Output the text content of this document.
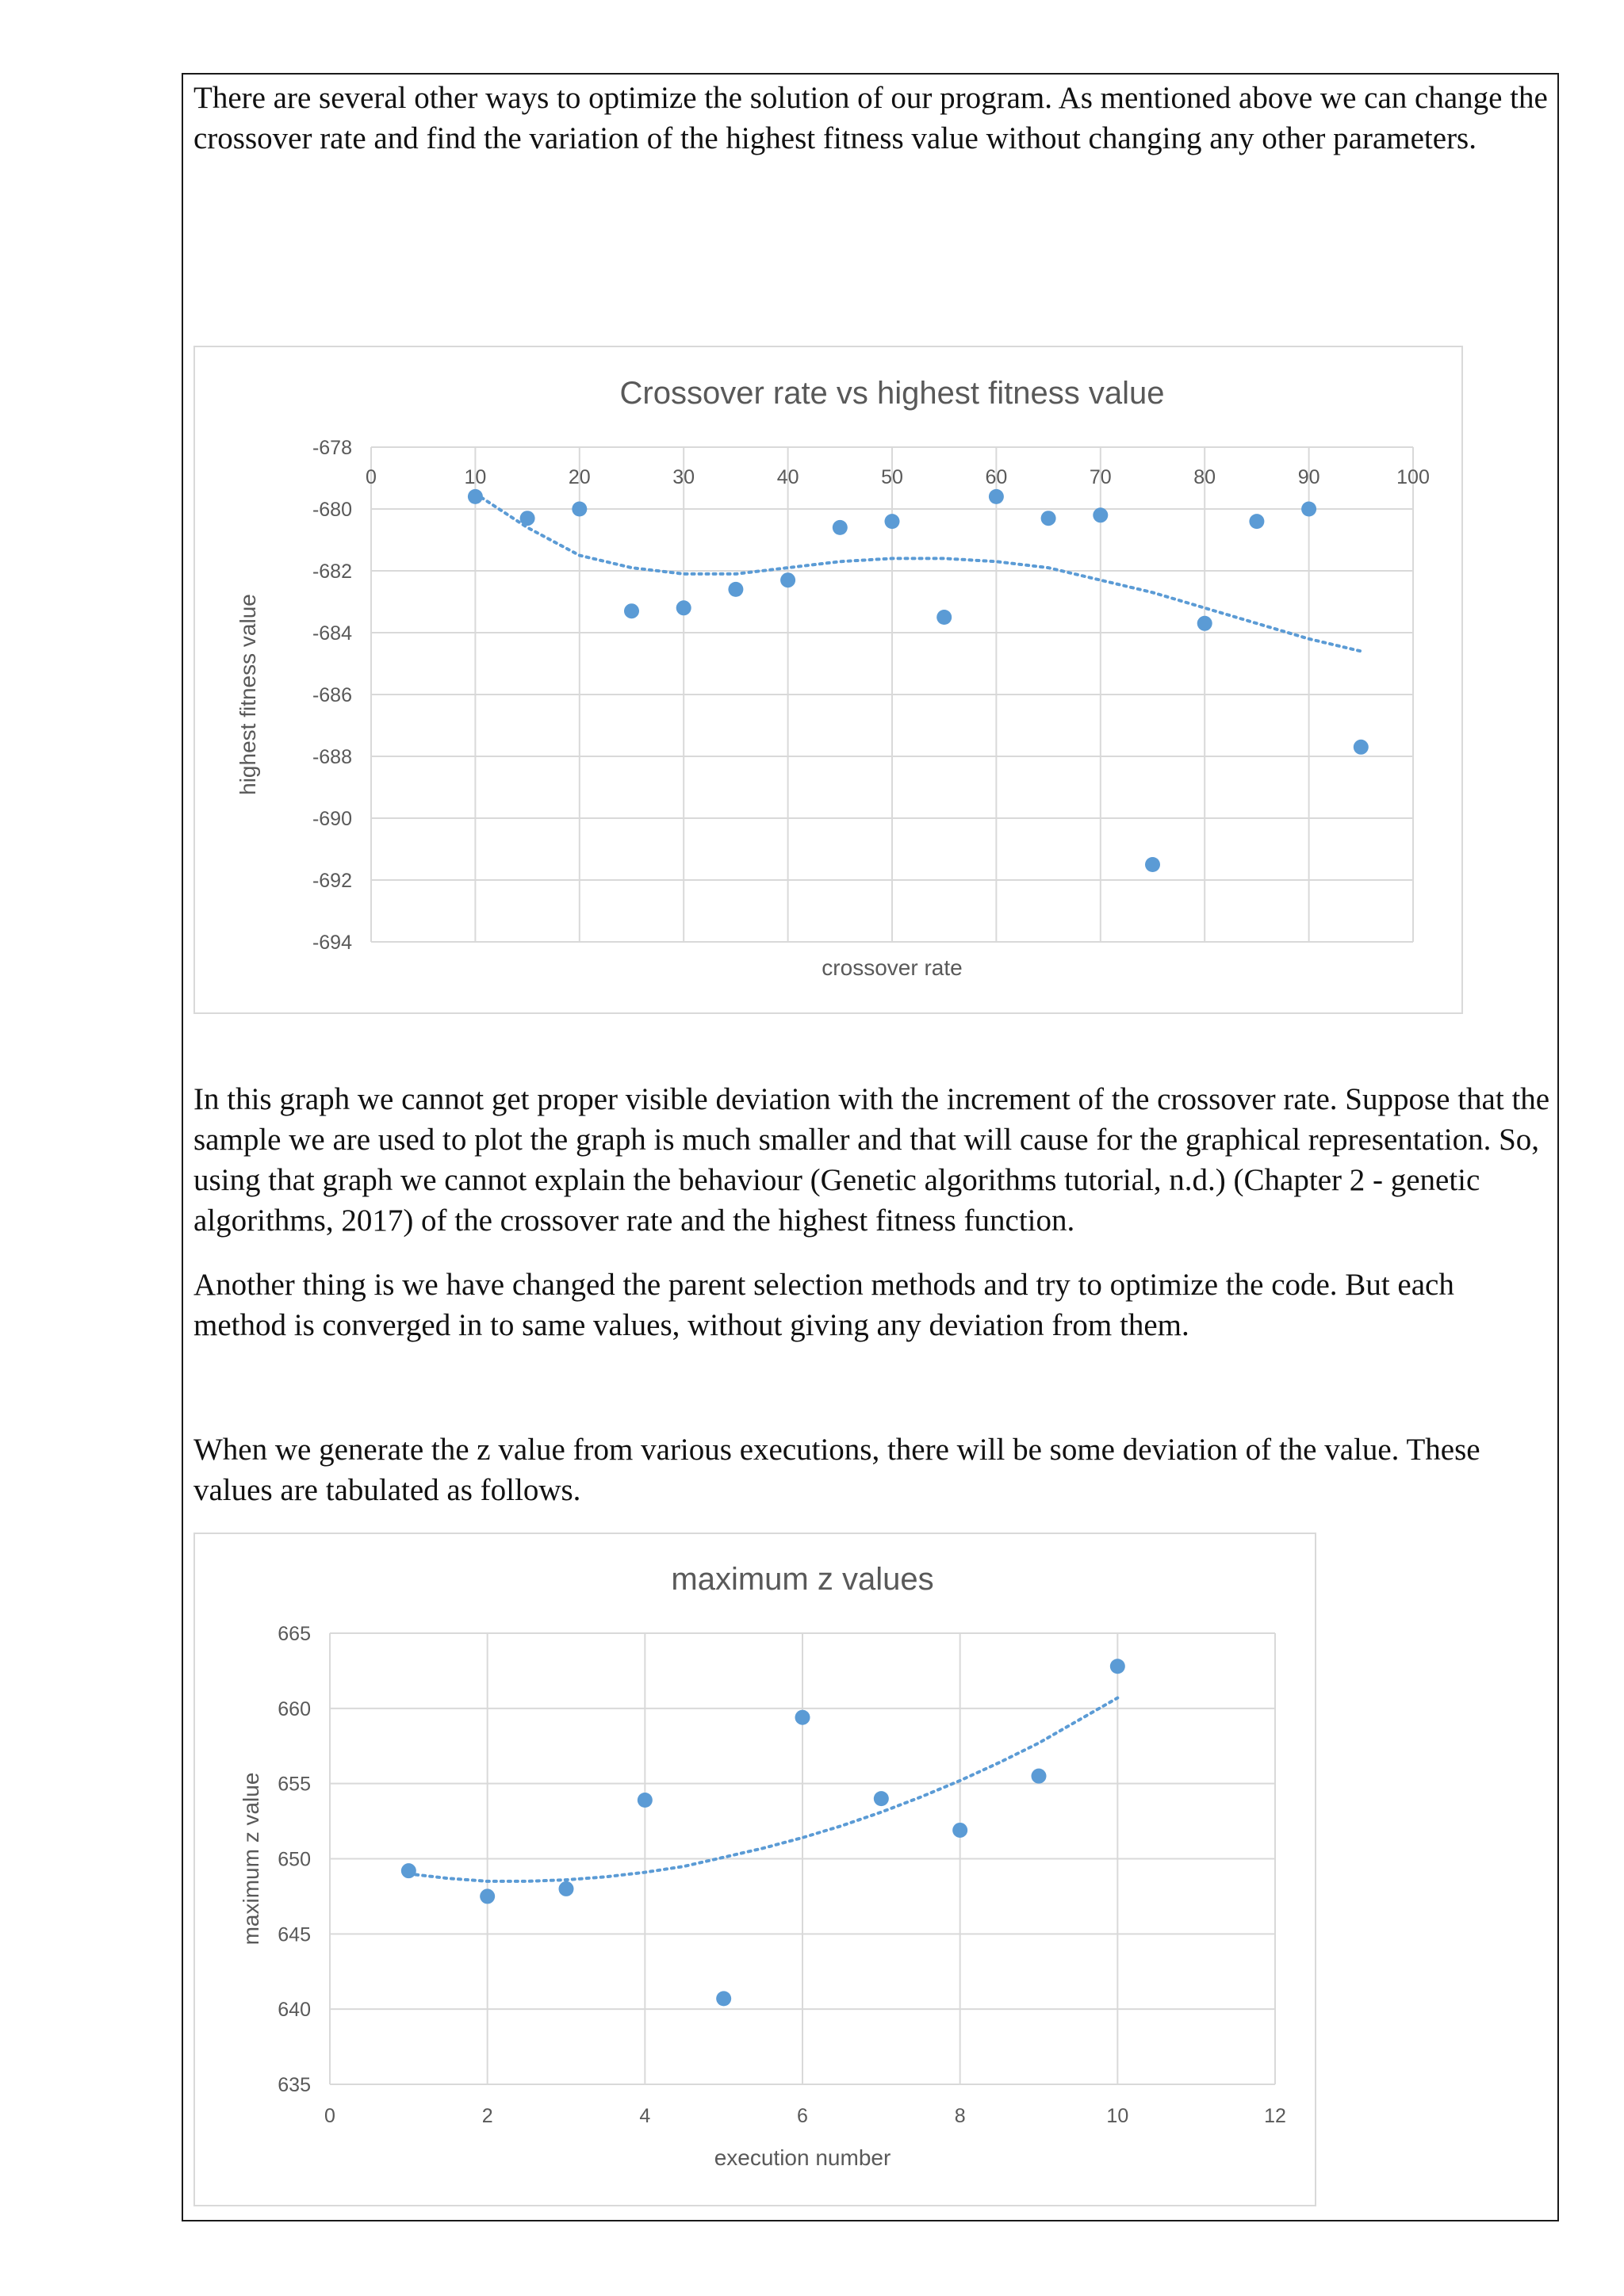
There are several other ways to optimize the solution of our program. As mentioned above we can change the crossover rate and find the variation of the highest fitness value without changing any other parameters.

Crossover rate vs highest fitness value
-678
-680
-682
-684
-686
-688
-690
-692
-694
0	10	20	30	40	50	60	70	80	90	100
crossover rate
highest fitness value

In this graph we cannot get proper visible deviation with the increment of the crossover rate. Suppose that the sample we are used to plot the graph is much smaller and that will cause for the graphical representation. So, using that graph we cannot explain the behaviour (Genetic algorithms tutorial, n.d.) (Chapter 2 - genetic algorithms, 2017) of the crossover rate and the highest fitness function.

Another thing is we have changed the parent selection methods and try to optimize the code. But each method is converged in to same values, without giving any deviation from them.

When we generate the z value from various executions, there will be some deviation of the value. These values are tabulated as follows.

maximum z values
635
640
645
650
655
660
665
0	2	4	6	8	10	12
execution number
maximum z value
